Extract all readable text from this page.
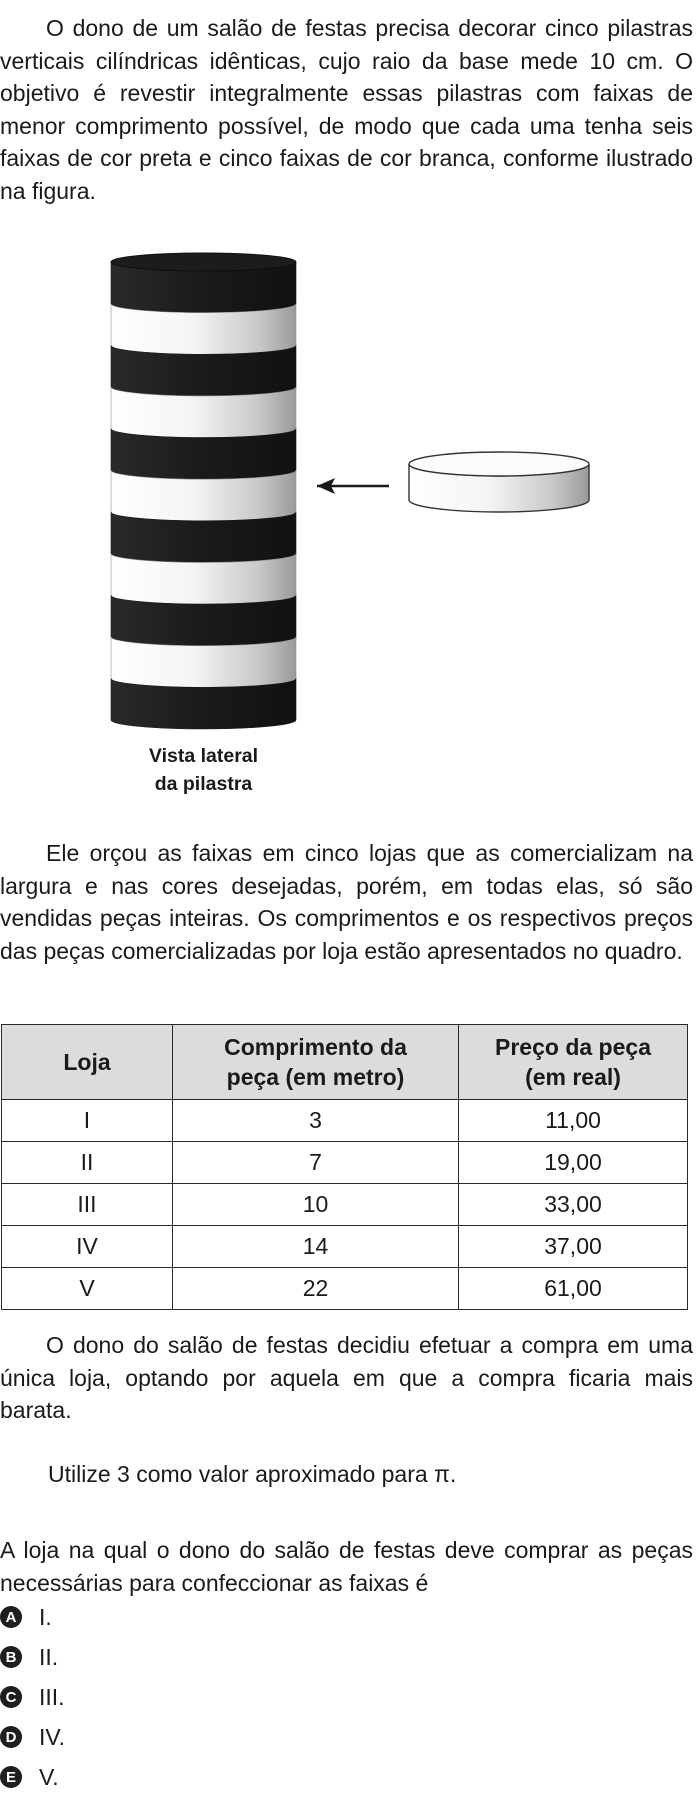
O dono de um salão de festas precisa decorar cinco pilastras verticais cilíndricas idênticas, cujo raio da base mede 10 cm. O objetivo é revestir integralmente essas pilastras com faixas de menor comprimento possível, de modo que cada uma tenha seis faixas de cor preta e cinco faixas de cor branca, conforme ilustrado na figura.

Vista lateral
da pilastra

Ele orçou as faixas em cinco lojas que as comercializam na largura e nas cores desejadas, porém, em todas elas, só são vendidas peças inteiras. Os comprimentos e os respectivos preços das peças comercializadas por loja estão apresentados no quadro.

Loja	Comprimento da peça (em metro)	Preço da peça (em real)
I	3	11,00
II	7	19,00
III	10	33,00
IV	14	37,00
V	22	61,00

O dono do salão de festas decidiu efetuar a compra em uma única loja, optando por aquela em que a compra ficaria mais barata.

Utilize 3 como valor aproximado para π.

A loja na qual o dono do salão de festas deve comprar as peças necessárias para confeccionar as faixas é

A I.
B II.
C III.
D IV.
E V.
